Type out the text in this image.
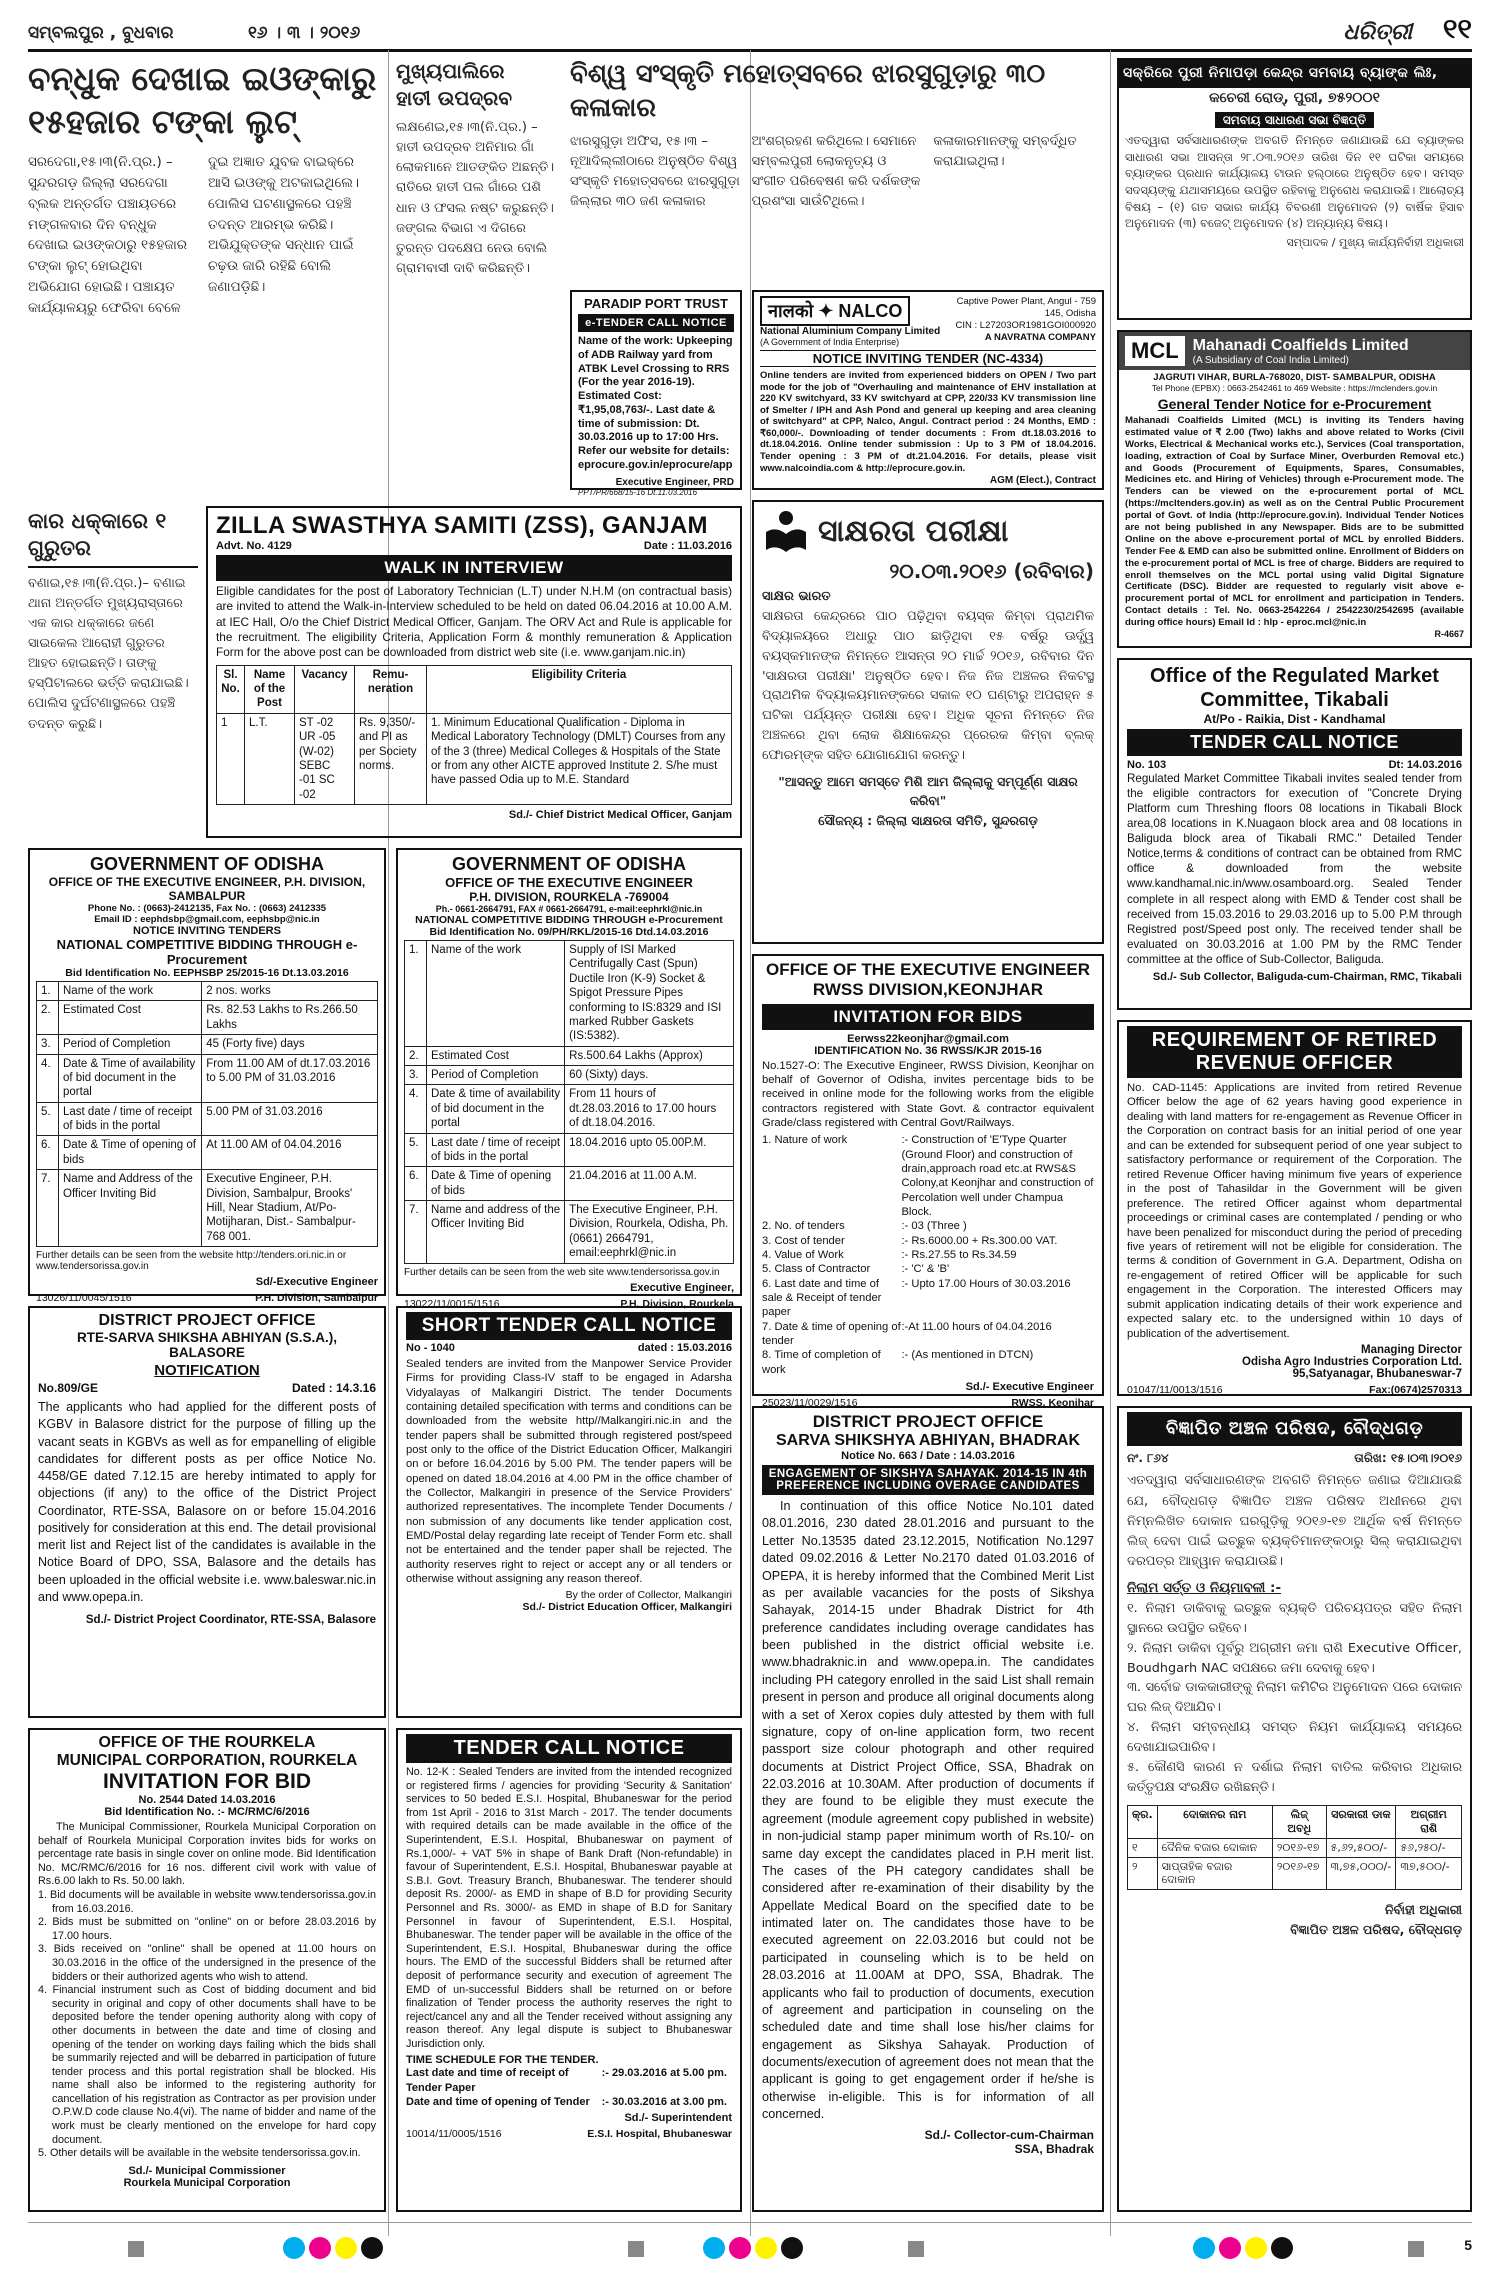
ସମ୍ବଲପୁର , ବୁଧବାର	୧୬ । ୩ । ୨୦୧୬	ଧରିତ୍ରୀ ୧୧
ବନ୍ଧୁକ ଦେଖାଇ ଇଓଙ୍କାରୁ
୧୫ହଜାର ଟଙ୍କା ଲୁଟ୍
ସରଦେଗା,୧୫।୩(ନି.ପ୍ର.) – ସୁନ୍ଦରଗଡ଼ ଜିଲ୍ଲା ସରଦେଗା ବ୍ଲକ ଅନ୍ତର୍ଗତ ପଞ୍ଚାୟତରେ ମଙ୍ଗଳବାର ଦିନ ବନ୍ଧୁକ ଦେଖାଇ ଇଓଙ୍କଠାରୁ ୧୫ହଜାର ଟଙ୍କା ଲୁଟ୍ ହୋଇଥିବା ଅଭିଯୋଗ ହୋଇଛି। ପଞ୍ଚାୟତ କାର୍ଯ୍ୟାଳୟରୁ ଫେରିବା ବେଳେ ଦୁଇ ଅଜ୍ଞାତ ଯୁବକ ବାଇକ୍‌ରେ ଆସି ଇଓଙ୍କୁ ଅଟକାଇଥିଲେ। ପୋଲିସ ଘଟଣାସ୍ଥଳରେ ପହଞ୍ଚି ତଦନ୍ତ ଆରମ୍ଭ କରିଛି। ଅଭିଯୁକ୍ତଙ୍କ ସନ୍ଧାନ ପାଇଁ ଚଢ଼ଉ ଜାରି ରହିଛି ବୋଲି ଜଣାପଡ଼ିଛି।
ମୁଖ୍ୟପାଲିରେ
ହାତୀ ଉପଦ୍ରବ
ଲକ୍ଷଣେଇ,୧୫।୩(ନି.ପ୍ର.) – ହାତୀ ଉପଦ୍ରବ ଅନିମାର ଗାଁ ଲୋକମାନେ ଆତଙ୍କିତ ଅଛନ୍ତି। ରାତିରେ ହାତୀ ପଲ ଗାଁରେ ପଶି ଧାନ ଓ ଫସଲ ନଷ୍ଟ କରୁଛନ୍ତି। ଜଙ୍ଗଲ ବିଭାଗ ଏ ଦିଗରେ ତୁରନ୍ତ ପଦକ୍ଷେପ ନେଉ ବୋଲି ଗ୍ରାମବାସୀ ଦାବି କରିଛନ୍ତି।
ବିଶ୍ୱ ସଂସ୍କୃତି ମହୋତ୍ସବରେ ଝାରସୁଗୁଡ଼ାରୁ ୩୦ କଳାକାର
ଝାରସୁଗୁଡ଼ା ଅଫିସ, ୧୫।୩ – ନୂଆଦିଲ୍ଲୀଠାରେ ଅନୁଷ୍ଠିତ ବିଶ୍ୱ ସଂସ୍କୃତି ମହୋତ୍ସବରେ ଝାରସୁଗୁଡ଼ା ଜିଲ୍ଲାର ୩୦ ଜଣ କଳାକାର ଅଂଶଗ୍ରହଣ କରିଥିଲେ। ସେମାନେ ସମ୍ବଲପୁରୀ ଲୋକନୃତ୍ୟ ଓ ସଂଗୀତ ପରିବେଷଣ କରି ଦର୍ଶକଙ୍କ ପ୍ରଶଂସା ସାଉଁଟିଥିଲେ। କଳାକାରମାନଙ୍କୁ ସମ୍ବର୍ଦ୍ଧିତ କରାଯାଇଥିଲା।
PARADIP PORT TRUST
e-TENDER CALL NOTICE
Name of the work: Upkeeping of ADB Railway yard from ATBK Level Crossing to RRS (For the year 2016-19). Estimated Cost: ₹1,95,08,763/-. Last date & time of submission: Dt. 30.03.2016 up to 17:00 Hrs. Refer our website for details: eprocure.gov.in/eprocure/app
Executive Engineer, PRD
PPT/PR/668/15-16 Dt.11.03.2016
नालको ✦ NALCO
National Aluminium Company Limited
(A Government of India Enterprise)
Captive Power Plant, Angul - 759 145, Odisha
CIN : L27203OR1981GOI000920
A NAVRATNA COMPANY
NOTICE INVITING TENDER (NC-4334)
Online tenders are invited from experienced bidders on OPEN / Two part mode for the job of "Overhauling and maintenance of EHV installation at 220 KV switchyard, 33 KV switchyard at CPP, 220/33 KV transmission line of Smelter / IPH and Ash Pond and general up keeping and area cleaning of switchyard" at CPP, Nalco, Angul. Contract period : 24 Months, EMD : ₹60,000/-. Downloading of tender documents : From dt.18.03.2016 to dt.18.04.2016. Online tender submission : Up to 3 PM of 18.04.2016. Tender opening : 3 PM of dt.21.04.2016. For details, please visit www.nalcoindia.com & http://eprocure.gov.in.
AGM (Elect.), Contract
ସକ୍ରିରେ ପୁରୀ ନିମାପଡ଼ା କେନ୍ଦ୍ର ସମବାୟ ବ୍ୟାଙ୍କ ଲିଃ,
କଚେରୀ ରୋଡ୍, ପୁରୀ, ୭୫୨୦୦୧
ସମବାୟ ସାଧାରଣ ସଭା ବିଜ୍ଞପ୍ତି
ଏତଦ୍ୱାରା ସର୍ବସାଧାରଣଙ୍କ ଅବଗତି ନିମନ୍ତେ ଜଣାଯାଉଛି ଯେ ବ୍ୟାଙ୍କର ସାଧାରଣ ସଭା ଆସନ୍ତା ୨୮.୦୩.୨୦୧୬ ତାରିଖ ଦିନ ୧୧ ଘଟିକା ସମୟରେ ବ୍ୟାଙ୍କର ପ୍ରଧାନ କାର୍ଯ୍ୟାଳୟ ଟାଉନ ହଲ୍‌ଠାରେ ଅନୁଷ୍ଠିତ ହେବ। ସମସ୍ତ ସଦସ୍ୟଙ୍କୁ ଯଥାସମୟରେ ଉପସ୍ଥିତ ରହିବାକୁ ଅନୁରୋଧ କରାଯାଉଛି। ଆଲୋଚ୍ୟ ବିଷୟ – (୧) ଗତ ସଭାର କାର୍ଯ୍ୟ ବିବରଣୀ ଅନୁମୋଦନ (୨) ବାର୍ଷିକ ହିସାବ ଅନୁମୋଦନ (୩) ବଜେଟ୍ ଅନୁମୋଦନ (୪) ଅନ୍ୟାନ୍ୟ ବିଷୟ।
ସମ୍ପାଦକ / ମୁଖ୍ୟ କାର୍ଯ୍ୟନିର୍ବାହୀ ଅଧିକାରୀ
MCL Mahanadi Coalfields Limited
(A Subsidiary of Coal India Limited)
JAGRUTI VIHAR, BURLA-768020, DIST- SAMBALPUR, ODISHA
Tel Phone (EPBX) : 0663-2542461 to 469 Website : https://mclenders.gov.in
General Tender Notice for e-Procurement
Mahanadi Coalfields Limited (MCL) is inviting its Tenders having estimated value of ₹ 2.00 (Two) lakhs and above related to Works (Civil Works, Electrical & Mechanical works etc.), Services (Coal transportation, loading, extraction of Coal by Surface Miner, Overburden Removal etc.) and Goods (Procurement of Equipments, Spares, Consumables, Medicines etc. and Hiring of Vehicles) through e-Procurement mode. The Tenders can be viewed on the e-procurement portal of MCL (https://mcltenders.gov.in) as well as on the Central Public Procurement portal of Govt. of India (http://eprocure.gov.in). Individual Tender Notices are not being published in any Newspaper. Bids are to be submitted Online on the above e-procurement portal of MCL by enrolled Bidders. Tender Fee & EMD can also be submitted online. Enrollment of Bidders on the e-procurement portal of MCL is free of charge. Bidders are required to enroll themselves on the MCL portal using valid Digital Signature Certificate (DSC). Bidder are requested to regularly visit above e-procurement portal of MCL for enrollment and participation in Tenders. Contact details : Tel. No. 0663-2542264 / 2542230/2542695 (available during office hours) Email Id : hlp - eproc.mcl@nic.in
R-4667
କାର ଧକ୍କାରେ ୧ ଗୁରୁତର
ବଣାଇ,୧୫।୩(ନି.ପ୍ର.)– ବଣାଇ ଥାନା ଅନ୍ତର୍ଗତ ମୁଖ୍ୟରାସ୍ତାରେ ଏକ କାର ଧକ୍କାରେ ଜଣେ ସାଇକେଲ ଆରୋହୀ ଗୁରୁତର ଆହତ ହୋଇଛନ୍ତି। ତାଙ୍କୁ ହସ୍ପିଟାଲରେ ଭର୍ତ୍ତି କରାଯାଇଛି। ପୋଲିସ ଦୁର୍ଘଟଣାସ୍ଥଳରେ ପହଞ୍ଚି ତଦନ୍ତ କରୁଛି।
ZILLA SWASTHYA SAMITI (ZSS), GANJAM
Advt. No. 4129	Date : 11.03.2016
WALK IN INTERVIEW
Eligible candidates for the post of Laboratory Technician (L.T) under N.H.M (on contractual basis) are invited to attend the Walk-in-Interview scheduled to be held on dated 06.04.2016 at 10.00 A.M. at IEC Hall, O/o the Chief District Medical Officer, Ganjam. The ORV Act and Rule is applicable for the recruitment. The eligibility Criteria, Application Form & monthly remuneration & Application Form for the above post can be downloaded from district web site (i.e. www.ganjam.nic.in)
Sl. No.	Name of the Post	Vacancy	Remu-neration	Eligibility Criteria
1	L.T.	ST -02 UR -05 (W-02) SEBC -01 SC -02	Rs. 9,350/- and PI as per Society norms.	1. Minimum Educational Qualification - Diploma in Medical Laboratory Technology (DMLT) Courses from any of the 3 (three) Medical Colleges & Hospitals of the State or from any other AICTE approved Institute 2. S/he must have passed Odia up to M.E. Standard
Sd./- Chief District Medical Officer, Ganjam
ସାକ୍ଷରତା ପରୀକ୍ଷା
୨୦.୦୩.୨୦୧୬ (ରବିବାର)
ସାକ୍ଷର ଭାରତ
ସାକ୍ଷରତା କେନ୍ଦ୍ରରେ ପାଠ ପଢ଼ିଥିବା ବୟସ୍କ କିମ୍ବା ପ୍ରାଥମିକ ବିଦ୍ୟାଳୟରେ ଅଧାରୁ ପାଠ ଛାଡ଼ିଥିବା ୧୫ ବର୍ଷରୁ ଊର୍ଦ୍ଧ୍ୱ ବୟସ୍କମାନଙ୍କ ନିମନ୍ତେ ଆସନ୍ତା ୨୦ ମାର୍ଚ୍ଚ ୨୦୧୬, ରବିବାର ଦିନ 'ସାକ୍ଷରତା ପରୀକ୍ଷା' ଅନୁଷ୍ଠିତ ହେବ। ନିଜ ନିଜ ଅଞ୍ଚଳର ନିକଟସ୍ଥ ପ୍ରାଥମିକ ବିଦ୍ୟାଳୟମାନଙ୍କରେ ସକାଳ ୧୦ ଘଣ୍ଟାରୁ ଅପରାହ୍ନ ୫ ଘଟିକା ପର୍ଯ୍ୟନ୍ତ ପରୀକ୍ଷା ହେବ। ଅଧିକ ସୂଚନା ନିମନ୍ତେ ନିଜ ଅଞ୍ଚଳରେ ଥିବା ଲୋକ ଶିକ୍ଷାକେନ୍ଦ୍ର ପ୍ରେରକ କିମ୍ବା ବ୍ଲକ୍ ଫୋରମ୍‌ଙ୍କ ସହିତ ଯୋଗାଯୋଗ କରନ୍ତୁ।
"ଆସନ୍ତୁ ଆମେ ସମସ୍ତେ ମିଶି ଆମ ଜିଲ୍ଲାକୁ ସମ୍ପୂର୍ଣ୍ଣ ସାକ୍ଷର କରିବା"
ସୌଜନ୍ୟ : ଜିଲ୍ଲା ସାକ୍ଷରତା ସମିତି, ସୁନ୍ଦରଗଡ଼
Office of the Regulated Market Committee, Tikabali
At/Po - Raikia, Dist - Kandhamal
TENDER CALL NOTICE
No. 103	Dt: 14.03.2016
Regulated Market Committee Tikabali invites sealed tender from the eligible contractors for execution of "Concrete Drying Platform cum Threshing floors 08 locations in Tikabali Block area,08 locations in K.Nuagaon block area and 08 locations in Baliguda block area of Tikabali RMC." Detailed Tender Notice,terms & conditions of contract can be obtained from RMC office & downloaded from the website www.kandhamal.nic.in/www.osamboard.org. Sealed Tender complete in all respect along with EMD & Tender cost shall be received from 15.03.2016 to 29.03.2016 up to 5.00 P.M through Registred post/Speed post only. The received tender shall be evaluated on 30.03.2016 at 1.00 PM by the RMC Tender committee at the office of Sub-Collector, Baliguda.
Sd./- Sub Collector, Baliguda-cum-Chairman, RMC, Tikabali
GOVERNMENT OF ODISHA
OFFICE OF THE EXECUTIVE ENGINEER, P.H. DIVISION, SAMBALPUR
Phone No. : (0663)-2412135, Fax No. : (0663) 2412335
Email ID : eephdsbp@gmail.com, eephsbp@nic.in
NOTICE INVITING TENDERS
NATIONAL COMPETITIVE BIDDING THROUGH e-Procurement
Bid Identification No. EEPHSBP 25/2015-16 Dt.13.03.2016
1.	Name of the work	2 nos. works
2.	Estimated Cost	Rs. 82.53 Lakhs to Rs.266.50 Lakhs
3.	Period of Completion	45 (Forty five) days
4.	Date & Time of availability of bid document in the portal	From 11.00 AM of dt.17.03.2016 to 5.00 PM of 31.03.2016
5.	Last date / time of receipt of bids in the portal	5.00 PM of 31.03.2016
6.	Date & Time of opening of bids	At 11.00 AM of 04.04.2016
7.	Name and Address of the Officer Inviting Bid	Executive Engineer, P.H. Division, Sambalpur, Brooks' Hill, Near Stadium, At/Po- Motijharan, Dist.- Sambalpur-768 001.
Further details can be seen from the website http://tenders.ori.nic.in or www.tendersorissa.gov.in
Sd/-Executive Engineer
13026/11/0045/1516	P.H. Division, Sambalpur
GOVERNMENT OF ODISHA
OFFICE OF THE EXECUTIVE ENGINEER
P.H. DIVISION, ROURKELA -769004
Ph.- 0661-2664791, FAX # 0661-2664791, e-mail:eephrkl@nic.in
NATIONAL COMPETITIVE BIDDING THROUGH e-Procurement
Bid Identification No. 09/PH/RKL/2015-16 Dtd.14.03.2016
1.	Name of the work	Supply of ISI Marked Centrifugally Cast (Spun) Ductile Iron (K-9) Socket & Spigot Pressure Pipes conforming to IS:8329 and ISI marked Rubber Gaskets (IS:5382).
2.	Estimated Cost	Rs.500.64 Lakhs (Approx)
3.	Period of Completion	60 (Sixty) days.
4.	Date & time of availability of bid document in the portal	From 11 hours of dt.28.03.2016 to 17.00 hours of dt.18.04.2016.
5.	Last date / time of receipt of bids in the portal	18.04.2016 upto 05.00P.M.
6.	Date & Time of opening of bids	21.04.2016 at 11.00 A.M.
7.	Name and address of the Officer Inviting Bid	The Executive Engineer, P.H. Division, Rourkela, Odisha, Ph.(0661) 2664791, email:eephrkl@nic.in
Further details can be seen from the web site www.tendersorissa.gov.in
Executive Engineer,
13022/11/0015/1516	P.H. Division, Rourkela
OFFICE OF THE EXECUTIVE ENGINEER RWSS DIVISION,KEONJHAR
INVITATION FOR BIDS
Eerwss22keonjhar@gmail.com
IDENTIFICATION No. 36 RWSS/KJR 2015-16
No.1527-O: The Executive Engineer, RWSS Division, Keonjhar on behalf of Governor of Odisha, invites percentage bids to be received in online mode for the following works from the eligible contractors registered with State Govt. & contractor equivalent Grade/class registered with Central Govt/Railways.
1. Nature of work	:- Construction of 'E'Type Quarter (Ground Floor) and construction of drain,approach road etc.at RWS&S Colony,at Keonjhar and construction of Percolation well under Champua Block.
2. No. of tenders	:- 03 (Three )
3. Cost of tender	:- Rs.6000.00 + Rs.300.00 VAT.
4. Value of Work	:- Rs.27.55 to Rs.34.59
5. Class of Contractor	:- 'C' & 'B'
6. Last date and time of sale & Receipt of tender paper
:- Upto 17.00 Hours of 30.03.2016
7. Date & time of opening of tender
:-At 11.00 hours of 04.04.2016
8. Time of completion of work
:- (As mentioned in DTCN)
Sd./- Executive Engineer
25023/11/0029/1516	RWSS, Keonjhar
REQUIREMENT OF RETIRED REVENUE OFFICER
No. CAD-1145: Applications are invited from retired Revenue Officer below the age of 62 years having good experience in dealing with land matters for re-engagement as Revenue Officer in the Corporation on contract basis for an initial period of one year and can be extended for subsequent period of one year subject to satisfactory performance or requirement of the Corporation. The retired Revenue Officer having minimum five years of experience in the post of Tahasildar in the Government will be given preference. The retired Officer against whom departmental proceedings or criminal cases are contemplated / pending or who have been penalized for misconduct during the period of preceding five years of retirement will not be eligible for consideration. The terms & condition of Government in G.A. Department, Odisha on re-engagement of retired Officer will be applicable for such engagement in the Corporation. The interested Officers may submit application indicating details of their work experience and expected salary etc. to the undersigned within 10 days of publication of the advertisement.
Managing Director
Odisha Agro Industries Corporation Ltd.
95,Satyanagar, Bhubaneswar-7
01047/11/0013/1516	Fax:(0674)2570313
DISTRICT PROJECT OFFICE
RTE-SARVA SHIKSHA ABHIYAN (S.S.A.), BALASORE
NOTIFICATION
No.809/GE	Dated : 14.3.16
The applicants who had applied for the different posts of KGBV in Balasore district for the purpose of filling up the vacant seats in KGBVs as well as for empanelling of eligible candidates for different posts as per office Notice No. 4458/GE dated 7.12.15 are hereby intimated to apply for objections (if any) to the office of the District Project Coordinator, RTE-SSA, Balasore on or before 15.04.2016 positively for consideration at this end. The detail provisional merit list and Reject list of the candidates is available in the Notice Board of DPO, SSA, Balasore and the details has been uploaded in the official website i.e. www.baleswar.nic.in and www.opepa.in.
Sd./- District Project Coordinator, RTE-SSA, Balasore
SHORT TENDER CALL NOTICE
No - 1040	dated : 15.03.2016
Sealed tenders are invited from the Manpower Service Provider Firms for providing Class-IV staff to be engaged in Adarsha Vidyalayas of Malkangiri District. The tender Documents containing detailed specification with terms and conditions can be downloaded from the website http//Malkangiri.nic.in and the tender papers shall be submitted through registered post/speed post only to the office of the District Education Officer, Malkangiri on or before 16.04.2016 by 5.00 PM. The tender papers will be opened on dated 18.04.2016 at 4.00 PM in the office chamber of the Collector, Malkangiri in presence of the Service Providers' authorized representatives. The incomplete Tender Documents / non submission of any documents like tender application cost, EMD/Postal delay regarding late receipt of Tender Form etc. shall not be entertained and the tender paper shall be rejected. The authority reserves right to reject or accept any or all tenders or otherwise without assigning any reason thereof.
By the order of Collector, Malkangiri
Sd./- District Education Officer, Malkangiri
DISTRICT PROJECT OFFICE
SARVA SHIKSHYA ABHIYAN, BHADRAK
Notice No. 663 / Date : 14.03.2016
ENGAGEMENT OF SIKSHYA SAHAYAK. 2014-15 IN 4th PREFERENCE INCLUDING OVERAGE CANDIDATES
In continuation of this office Notice No.101 dated 08.01.2016, 230 dated 28.01.2016 and pursuant to the Letter No.13535 dated 23.12.2015, Notification No.1297 dated 09.02.2016 & Letter No.2170 dated 01.03.2016 of OPEPA, it is hereby informed that the Combined Merit List as per available vacancies for the posts of Sikshya Sahayak, 2014-15 under Bhadrak District for 4th preference candidates including overage candidates has been published in the district official website i.e. www.bhadraknic.in and www.opepa.in. The candidates including PH category enrolled in the said List shall remain present in person and produce all original documents along with a set of Xerox copies duly attested by them with full signature, copy of on-line application form, two recent passport size colour photograph and other required documents at District Project Office, SSA, Bhadrak on 22.03.2016 at 10.30AM. After production of documents if they are found to be eligible they must execute the agreement (module agreement copy published in website) in non-judicial stamp paper minimum worth of Rs.10/- on same day except the candidates placed in P.H merit list. The cases of the PH category candidates shall be considered after re-examination of their disability by the Appellate Medical Board on the specified date to be intimated later on. The candidates those have to be executed agreement on 22.03.2016 but could not be participated in counseling which is to be held on 28.03.2016 at 11.00AM at DPO, SSA, Bhadrak. The applicants who fail to production of documents, execution of agreement and participation in counseling on the scheduled date and time shall lose his/her claims for engagement as Sikshya Sahayak. Production of documents/execution of agreement does not mean that the applicant is going to get engagement order if he/she is otherwise in-eligible. This is for information of all concerned.
Sd./- Collector-cum-Chairman
SSA, Bhadrak
ବିଜ୍ଞାପିତ ଅଞ୍ଚଳ ପରିଷଦ, ବୌଦ୍ଧଗଡ଼
ନଂ. ୮୬୪	ତାରିଖ: ୧୫।୦୩।୨୦୧୬
ଏତଦ୍ୱାରା ସର୍ବସାଧାରଣଙ୍କ ଅବଗତି ନିମନ୍ତେ ଜଣାଇ ଦିଆଯାଉଛି ଯେ, ବୌଦ୍ଧଗଡ଼ ବିଜ୍ଞାପିତ ଅଞ୍ଚଳ ପରିଷଦ ଅଧୀନରେ ଥିବା ନିମ୍ନଲିଖିତ ଦୋକାନ ଘରଗୁଡ଼ିକୁ ୨୦୧୬-୧୭ ଆର୍ଥିକ ବର୍ଷ ନିମନ୍ତେ ଲିଜ୍ ଦେବା ପାଇଁ ଇଚ୍ଛୁକ ବ୍ୟକ୍ତିମାନଙ୍କଠାରୁ ସିଲ୍ କରାଯାଇଥିବା ଦରପତ୍ର ଆହ୍ୱାନ କରାଯାଉଛି।
ନିଲାମ ସର୍ତ୍ତ ଓ ନିୟମାବଳୀ :-
୧. ନିଲାମ ଡାକିବାକୁ ଇଚ୍ଛୁକ ବ୍ୟକ୍ତି ପରିଚୟପତ୍ର ସହିତ ନିଲାମ ସ୍ଥାନରେ ଉପସ୍ଥିତ ରହିବେ।
୨. ନିଲାମ ଡାକିବା ପୂର୍ବରୁ ଅଗ୍ରୀମ ଜମା ରାଶି Executive Officer, Boudhgarh NAC ସପକ୍ଷରେ ଜମା ଦେବାକୁ ହେବ।
୩. ସର୍ବୋଚ୍ଚ ଡାକକାରୀଙ୍କୁ ନିଲାମ କମିଟିର ଅନୁମୋଦନ ପରେ ଦୋକାନ ଘର ଲିଜ୍ ଦିଆଯିବ।
୪. ନିଲାମ ସମ୍ବନ୍ଧୀୟ ସମସ୍ତ ନିୟମ କାର୍ଯ୍ୟାଳୟ ସମୟରେ ଦେଖାଯାଇପାରିବ।
୫. କୌଣସି କାରଣ ନ ଦର୍ଶାଇ ନିଲାମ ବାତିଲ କରିବାର ଅଧିକାର କର୍ତ୍ତୃପକ୍ଷ ସଂରକ୍ଷିତ ରଖିଛନ୍ତି।
କ୍ର.	ଦୋକାନର ନାମ	ଲିଜ୍ ଅବଧି	ସରକାରୀ ଡାକ	ଅଗ୍ରୀମ ରାଶି
୧	ଦୈନିକ ବଜାର ଦୋକାନ	୨୦୧୬-୧୭	୫,୬୨,୫୦୦/-	୫୬,୨୫୦/-
୨	ସାପ୍ତାହିକ ବଜାର ଦୋକାନ	୨୦୧୬-୧୭	୩,୭୫,୦୦୦/-	୩୭,୫୦୦/-
ନିର୍ବାହୀ ଅଧିକାରୀ
ବିଜ୍ଞାପିତ ଅଞ୍ଚଳ ପରିଷଦ, ବୌଦ୍ଧଗଡ଼
TENDER CALL NOTICE
No. 12-K : Sealed Tenders are invited from the intended recognized or registered firms / agencies for providing 'Security & Sanitation' services to 50 beded E.S.I. Hospital, Bhubaneswar for the period from 1st April - 2016 to 31st March - 2017. The tender documents with required details can be made available in the office of the Superintendent, E.S.I. Hospital, Bhubaneswar on payment of Rs.1,000/- + VAT 5% in shape of Bank Draft (Non-refundable) in favour of Superintendent, E.S.I. Hospital, Bhubaneswar payable at S.B.I. Govt. Treasury Branch, Bhubaneswar. The tenderer should deposit Rs. 2000/- as EMD in shape of B.D for providing Security Personnel and Rs. 3000/- as EMD in shape of B.D for Sanitary Personnel in favour of Superintendent, E.S.I. Hospital, Bhubaneswar. The tender paper will be available in the office of the Superintendent, E.S.I. Hospital, Bhubaneswar during the office hours. The EMD of the successful Bidders shall be returned after deposit of performance security and execution of agreement The EMD of un-successful Bidders shall be returned on or before finalization of Tender process the authority reserves the right to reject/cancel any and all the Tender received without assigning any reason thereof. Any legal dispute is subject to Bhubaneswar Jurisdiction only.
TIME SCHEDULE FOR THE TENDER.
Last date and time of receipt of Tender Paper
:- 29.03.2016 at 5.00 pm.
Date and time of opening of Tender	:- 30.03.2016 at 3.00 pm.
Sd./- Superintendent
10014/11/0005/1516	E.S.I. Hospital, Bhubaneswar
OFFICE OF THE ROURKELA
MUNICIPAL CORPORATION, ROURKELA
INVITATION FOR BID
No. 2544 Dated 14.03.2016
Bid Identification No. :- MC/RMC/6/2016
The Municipal Commissioner, Rourkela Municipal Corporation on behalf of Rourkela Municipal Corporation invites bids for works on percentage rate basis in single cover on online mode. Bid Identification No. MC/RMC/6/2016 for 16 nos. different civil work with value of Rs.6.00 lakh to Rs. 50.00 lakh.
1. Bid documents will be available in website www.tendersorissa.gov.in from 16.03.2016.
2. Bids must be submitted on "online" on or before 28.03.2016 by 17.00 hours.
3. Bids received on "online" shall be opened at 11.00 hours on 30.03.2016 in the office of the undersigned in the presence of the bidders or their authorized agents who wish to attend.
4. Financial instrument such as Cost of bidding document and bid security in original and copy of other documents shall have to be deposited before the tender opening authority along with copy of other documents in between the date and time of closing and opening of the tender on working days failing which the bids shall be summarily rejected and will be debarred in participation of future tender process and this portal registration shall be blocked. His name shall also be informed to the registering authority for cancellation of his registration as Contractor as per provision under O.P.W.D code clause No.4(vi). The name of bidder and name of the work must be clearly mentioned on the envelope for hard copy document.
5. Other details will be available in the website tendersorissa.gov.in.
Sd./- Municipal Commissioner
Rourkela Municipal Corporation
5
